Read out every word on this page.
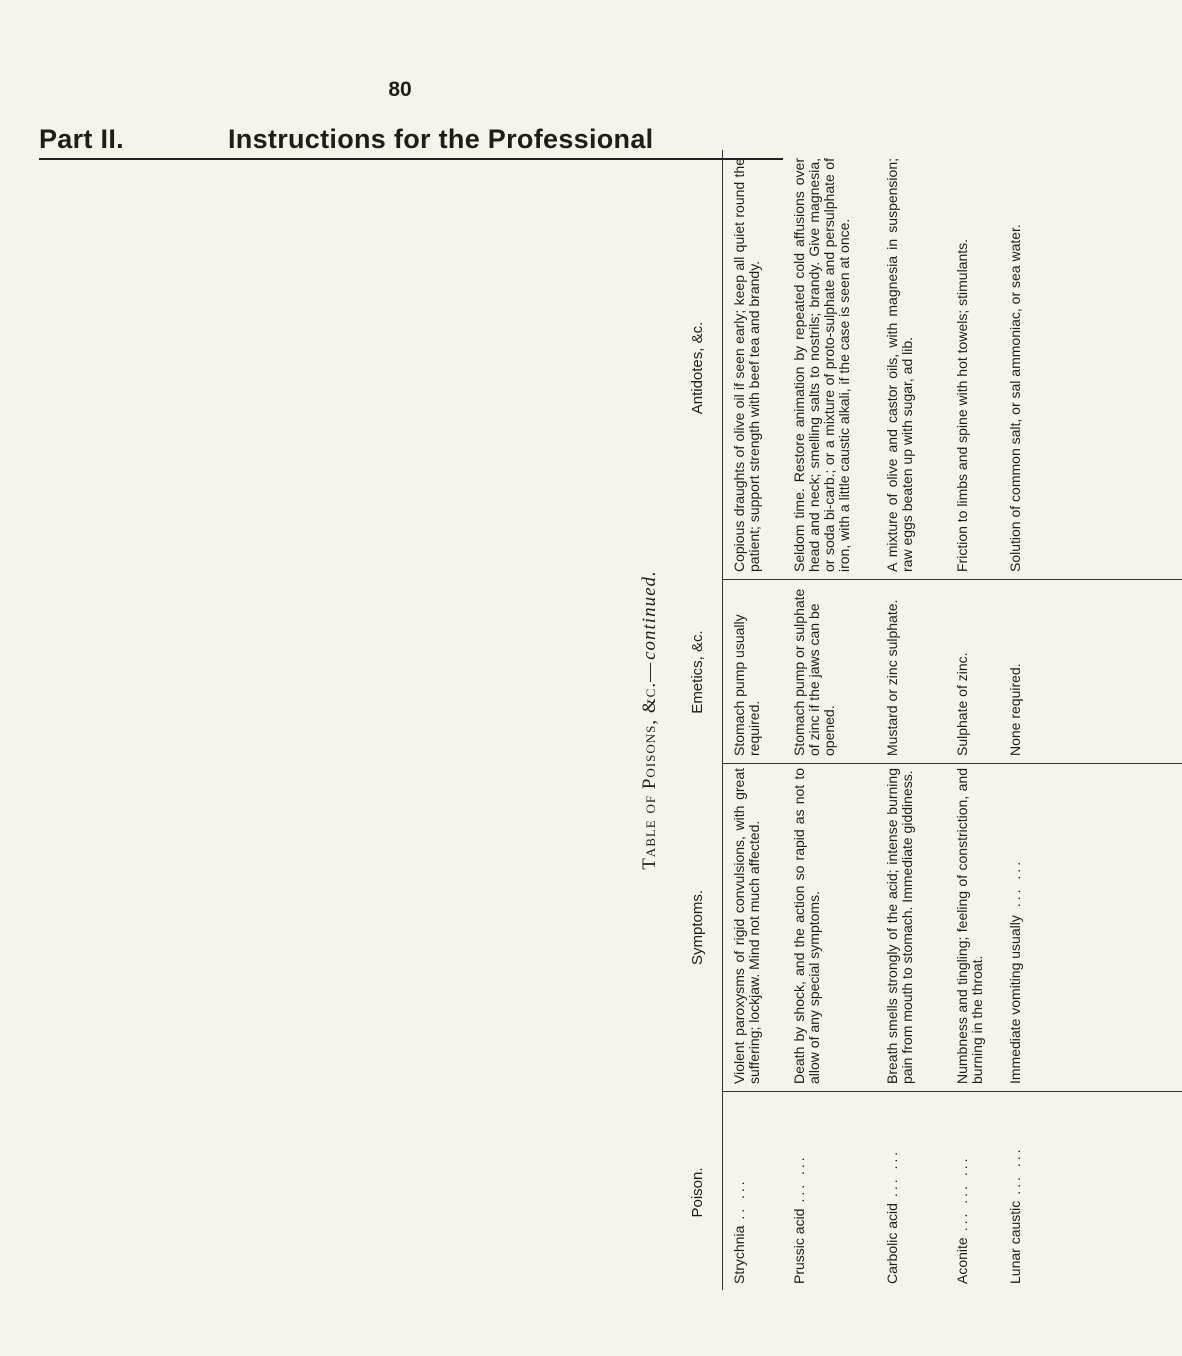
80
Part II.	Instructions for the Professional
Table of Poisons, &c.—
continued.
Poison.
Symptoms.
Emetics, &c.
Antidotes, &c.
Strychnia.. ...
Violent paroxysms of rigid convulsions, with great suffering; lockjaw. Mind not much affected.
Stomach pump usually required.
Copious draughts of olive oil if seen early; keep all quiet round the patient; support strength with beef tea and brandy.
Prussic acid... ...
Death by shock, and the action so rapid as not to allow of any special symptoms.
Stomach pump or sulphate of zinc if the jaws can be opened.
Seldom time. Restore animation by repeated cold affusions over head and neck; smelling salts to nostrils; brandy. Give magnesia, or soda bi-carb.; or a mixture of proto-sulphate and persulphate of iron, with a little caustic alkali, if the case is seen at once.
Carbolic acid... ...
Breath smells strongly of the acid; intense burning pain from mouth to stomach. Immediate giddiness.
Mustard or zinc sulphate.
A mixture of olive and castor oils, with magnesia in suspension; raw eggs beaten up with sugar, ad lib.
Aconite... ... ...
Numbness and tingling; feeling of constriction, and burning in the throat.
Sulphate of zinc.
Friction to limbs and spine with hot towels; stimulants.
Lunar caustic... ...
Immediate vomiting usually... ...
None required.
Solution of common salt, or sal ammoniac, or sea water.
